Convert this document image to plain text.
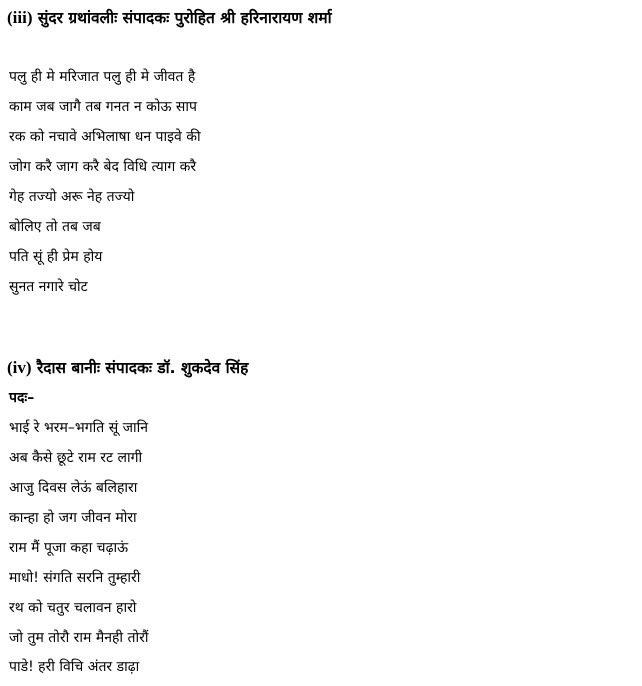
(iii) सुंदर ग्रथांवलीः संपादकः पुरोहित श्री हरिनारायण शर्मा
पलु ही मे मरिजात पलु ही मे जीवत है
काम जब जागै तब गनत न कोऊ साप
रक को नचावे अभिलाषा धन पाइवे की
जोग करै जाग करै बेद विधि त्याग करै
गेह तज्यो अरू नेह तज्यो
बोलिए तो तब जब
पति सूं ही प्रेम होय
सुनत नगारे चोट
(iv) रैदास बानीः संपादकः डॉ. शुकदेव सिंह
पदः–
भाई रे भरम–भगति सूं जानि
अब कैसे छूटे राम रट लागी
आजु दिवस लेऊं बलिहारा
कान्हा हो जग जीवन मोरा
राम मैं पूजा कहा चढ़ाऊं
माधो! संगति सरनि तुम्हारी
रथ को चतुर चलावन हारो
जो तुम तोरौ राम मैनही तोरौं
पाडे! हरी विचि अंतर डाढ़ा
